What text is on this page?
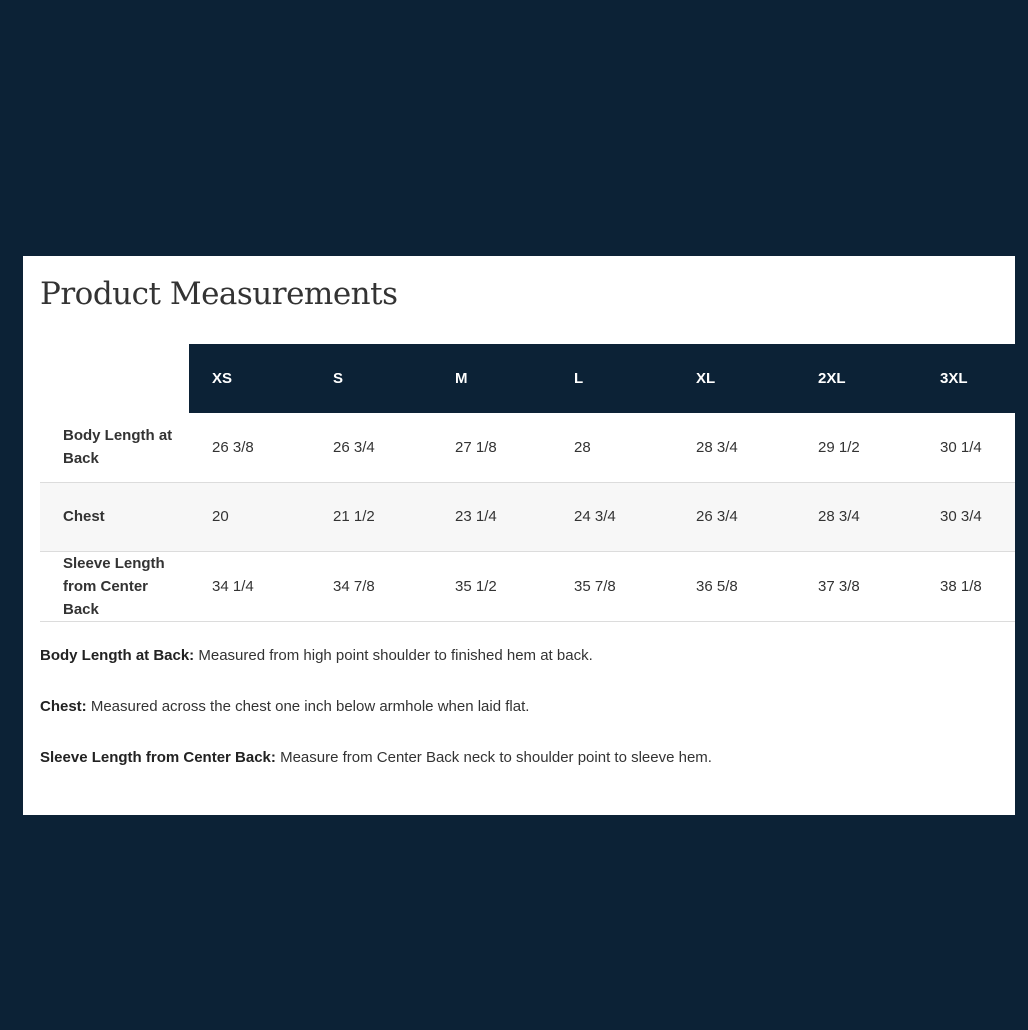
Product Measurements
	XS	S	M	L	XL	2XL	3XL
Body Length at Back	26 3/8	26 3/4	27 1/8	28	28 3/4	29 1/2	30 1/4
Chest	20	21 1/2	23 1/4	24 3/4	26 3/4	28 3/4	30 3/4
Sleeve Length from Center Back	34 1/4	34 7/8	35 1/2	35 7/8	36 5/8	37 3/8	38 1/8

Body Length at Back: Measured from high point shoulder to finished hem at back.

Chest: Measured across the chest one inch below armhole when laid flat.

Sleeve Length from Center Back: Measure from Center Back neck to shoulder point to sleeve hem.
